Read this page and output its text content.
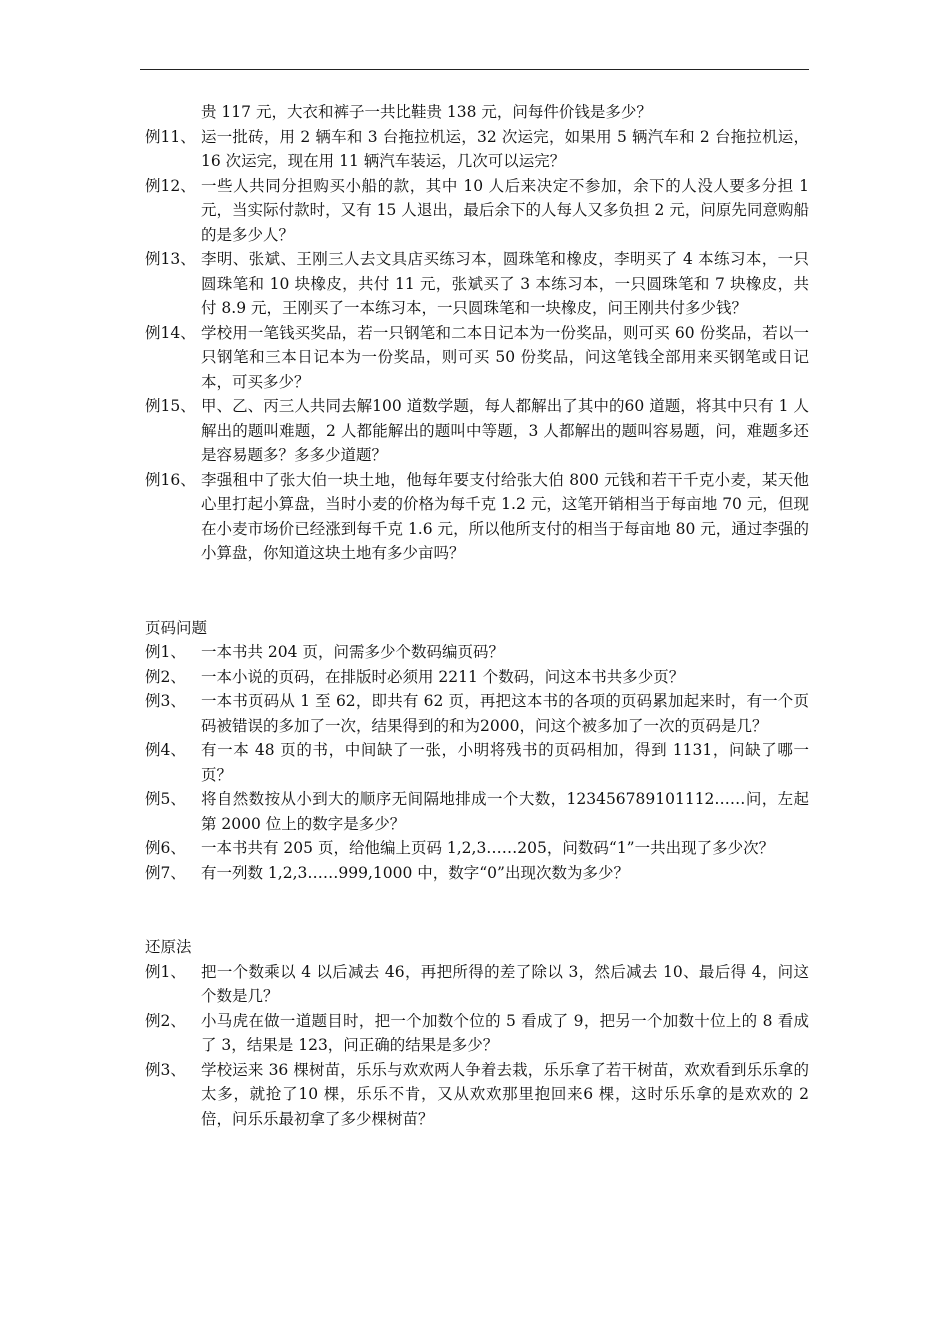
贵 117 元，大衣和裤子一共比鞋贵 138 元，问每件价钱是多少？
例11、 运一批砖，用 2 辆车和 3 台拖拉机运，32 次运完，如果用 5 辆汽车和 2 台拖拉机运，16 次运完，现在用 11 辆汽车装运，几次可以运完？
例12、 一些人共同分担购买小船的款，其中 10 人后来决定不参加，余下的人没人要多分担 1 元，当实际付款时，又有 15 人退出，最后余下的人每人又多负担 2 元，问原先同意购船的是多少人？
例13、 李明、张斌、王刚三人去文具店买练习本，圆珠笔和橡皮，李明买了 4 本练习本，一只圆珠笔和 10 块橡皮，共付 11 元，张斌买了 3 本练习本，一只圆珠笔和 7 块橡皮，共付 8.9 元，王刚买了一本练习本，一只圆珠笔和一块橡皮，问王刚共付多少钱？
例14、 学校用一笔钱买奖品，若一只钢笔和二本日记本为一份奖品，则可买 60 份奖品，若以一只钢笔和三本日记本为一份奖品，则可买 50 份奖品，问这笔钱全部用来买钢笔或日记本，可买多少？
例15、 甲、乙、丙三人共同去解100 道数学题，每人都解出了其中的60 道题，将其中只有 1 人解出的题叫难题，2 人都能解出的题叫中等题，3 人都解出的题叫容易题，问，难题多还是容易题多？多多少道题？
例16、 李强租中了张大伯一块土地，他每年要支付给张大伯 800 元钱和若干千克小麦，某天他心里打起小算盘，当时小麦的价格为每千克 1.2 元，这笔开销相当于每亩地 70 元，但现在小麦市场价已经涨到每千克 1.6 元，所以他所支付的相当于每亩地 80 元，通过李强的小算盘，你知道这块土地有多少亩吗？
页码问题
例1、 一本书共 204 页，问需多少个数码编页码？
例2、 一本小说的页码，在排版时必须用 2211 个数码，问这本书共多少页？
例3、 一本书页码从 1 至 62，即共有 62 页，再把这本书的各项的页码累加起来时，有一个页码被错误的多加了一次，结果得到的和为2000，问这个被多加了一次的页码是几？
例4、 有一本 48 页的书，中间缺了一张，小明将残书的页码相加，得到 1131，问缺了哪一页？
例5、 将自然数按从小到大的顺序无间隔地排成一个大数，123456789101112……问，左起第 2000 位上的数字是多少？
例6、 一本书共有 205 页，给他编上页码 1,2,3……205，问数码“1”一共出现了多少次？
例7、 有一列数 1,2,3……999,1000 中，数字“0”出现次数为多少？
还原法
例1、 把一个数乘以 4 以后减去 46，再把所得的差了除以 3，然后减去 10、最后得 4，问这个数是几？
例2、 小马虎在做一道题目时，把一个加数个位的 5 看成了 9，把另一个加数十位上的 8 看成了 3，结果是 123，问正确的结果是多少？
例3、 学校运来 36 棵树苗，乐乐与欢欢两人争着去栽，乐乐拿了若干树苗，欢欢看到乐乐拿的太多，就抢了10 棵，乐乐不肯，又从欢欢那里抱回来6 棵，这时乐乐拿的是欢欢的 2 倍，问乐乐最初拿了多少棵树苗？
